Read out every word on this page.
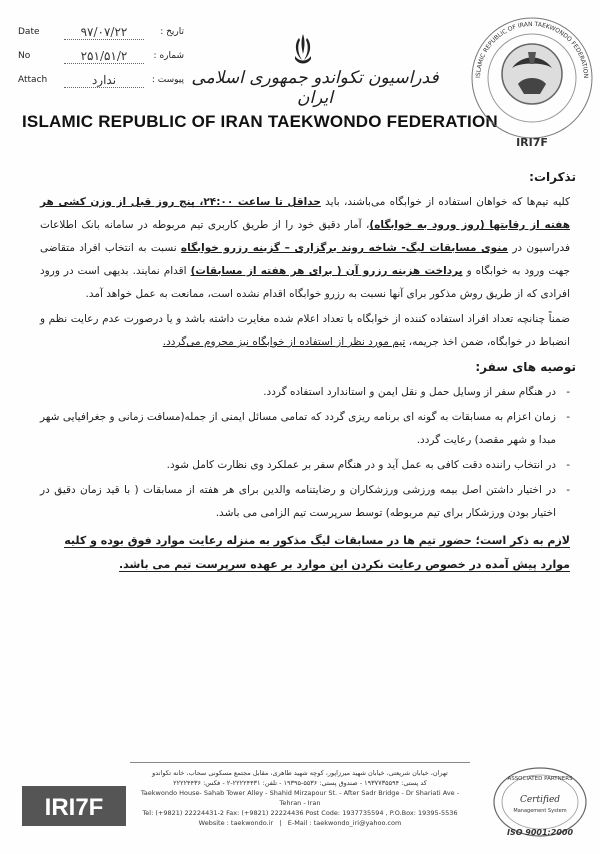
Date	۹۷/۰۷/۲۲	تاریخ :
No	۲۵۱/۵۱/۲	شماره :
Attach	ندارد	پیوست : فدراسیون تکواندو جمهوری اسلامی ایران
ISLAMIC REPUBLIC OF IRAN TAEKWONDO FEDERATION
ISLAMIC REPUBLIC OF IRAN TAEKWONDO FEDERATION
IRI7F
تذکرات:

کلیه تیم‌ها که خواهان استفاده از خوابگاه می‌باشند، باید حداقل تا ساعت ۲۴:۰۰، پنج روز قبل از وزن کشی هر هفته از رقابتها (روز ورود به خوابگاه)، آمار دقیق خود را از طریق کاربری تیم مربوطه در سامانه بانک اطلاعات فدراسیون در منوی مسابقات لیگ- شاخه روند برگزاری – گزینه رزرو خوابگاه نسبت به انتخاب افراد متقاضی جهت ورود به خوابگاه و پرداخت هزینه رزرو آن ( برای هر هفته از مسابقات) اقدام نمایند. بدیهی است در ورود افرادی که از طریق روش مذکور برای آنها نسبت به رزرو خوابگاه اقدام نشده است، ممانعت به عمل خواهد آمد.

ضمناً چنانچه تعداد افراد استفاده کننده از خوابگاه با تعداد اعلام شده مغایرت داشته باشد و یا درصورت عدم رعایت نظم و انضباط در خوابگاه، ضمن اخذ جریمه، تیم مورد نظر از استفاده از خوابگاه نیز محروم می‌گردد.

توصیه های سفر:
- در هنگام سفر از وسایل حمل و نقل ایمن و استاندارد استفاده گردد.
- زمان اعزام به مسابقات به گونه ای برنامه ریزی گردد که تمامی مسائل ایمنی از جمله(مسافت زمانی و جغرافیایی شهر مبدا و شهر مقصد) رعایت گردد.
- در انتخاب راننده دقت کافی به عمل آید و در هنگام سفر بر عملکرد وی نظارت کامل شود.
- در اختیار داشتن اصل بیمه ورزشی ورزشکاران و رضایتنامه والدین برای هر هفته از مسابقات ( با قید زمان دقیق در اختیار بودن ورزشکار برای تیم مربوطه) توسط سرپرست تیم الزامی می باشد.
لازم به ذکر است؛ حضور تیم ها در مسابقات لیگ مذکور به منزله رعایت موارد فوق بوده و کلیه
موارد پیش آمده در خصوص رعایت نکردن این موارد بر عهده سرپرست تیم می باشد.
تهران، خیابان شریعتی، خیابان شهید میرزاپور، کوچه شهید طاهری، مقابل مجتمع مسکونی سحاب، خانه تکواندو
کد پستی: ۱۹۳۷۷۳۵۵۹۴ - صندوق پستی: ۵۵۳۶-۱۹۳۹۵ - تلفن: ۲۲۲۲۴۴۳۱-۲ - فکس: ۲۲۲۲۴۴۳۶
Taekwondo House- Sahab Tower Alley - Shahid Mirzapour St. - After Sadr Bridge - Dr Shariati Ave - Tehran - Iran
Tel: (+9821) 22224431-2 Fax: (+9821) 22224436 Post Code: 1937735594 , P.O.Box: 19395-5536
Website : taekwondo.ir   |   E-Mail : taekwondo_iri@yahoo.com
IRI7F
ASSOCIATED PARTNERS
Certified
Management System
ISO 9001:2000
